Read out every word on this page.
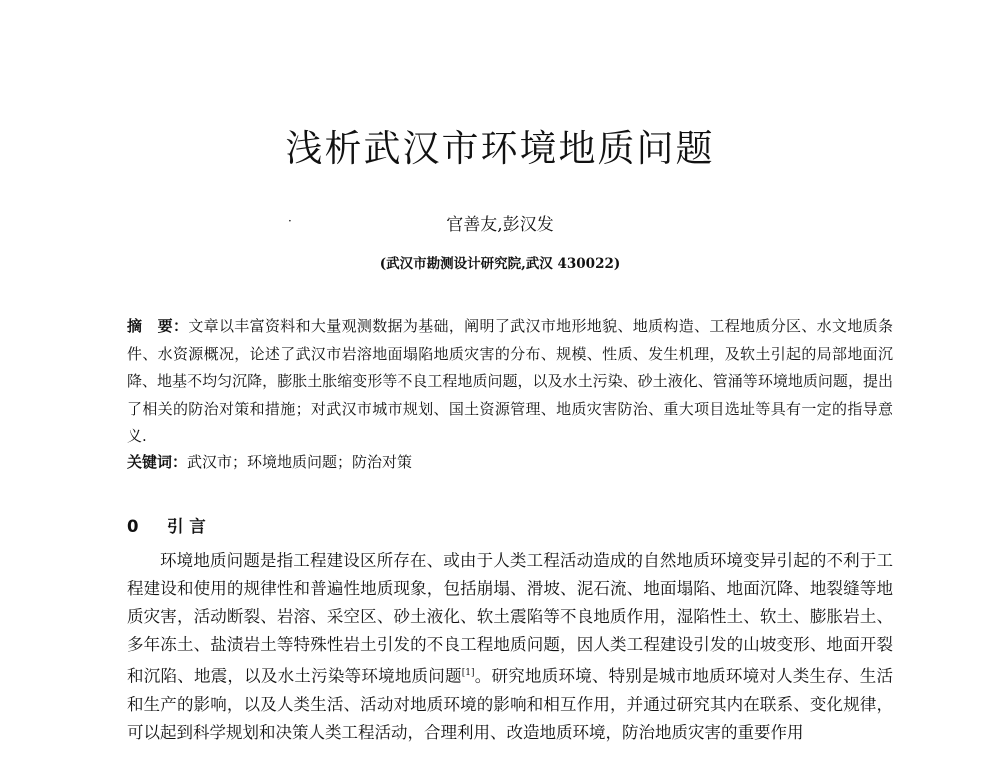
浅析武汉市环境地质问题
·	官善友,彭汉发
(武汉市勘测设计研究院,武汉 430022)
摘　要：文章以丰富资料和大量观测数据为基础，阐明了武汉市地形地貌、地质构造、工程地质分区、水文地质条件、水资源概况，论述了武汉市岩溶地面塌陷地质灾害的分布、规模、性质、发生机理，及软土引起的局部地面沉降、地基不均匀沉降，膨胀土胀缩变形等不良工程地质问题，以及水土污染、砂土液化、管涌等环境地质问题，提出了相关的防治对策和措施；对武汉市城市规划、国土资源管理、地质灾害防治、重大项目选址等具有一定的指导意义.
关键词：武汉市；环境地质问题；防治对策
0 引 言
环境地质问题是指工程建设区所存在、或由于人类工程活动造成的自然地质环境变异引起的不利于工程建设和使用的规律性和普遍性地质现象，包括崩塌、滑坡、泥石流、地面塌陷、地面沉降、地裂缝等地质灾害，活动断裂、岩溶、采空区、砂土液化、软土震陷等不良地质作用，湿陷性土、软土、膨胀岩土、多年冻土、盐渍岩土等特殊性岩土引发的不良工程地质问题，因人类工程建设引发的山坡变形、地面开裂和沉陷、地震，以及水土污染等环境地质问题[1]。研究地质环境、特别是城市地质环境对人类生存、生活和生产的影响，以及人类生活、活动对地质环境的影响和相互作用，并通过研究其内在联系、变化规律，可以起到科学规划和决策人类工程活动，合理利用、改造地质环境，防治地质灾害的重要作用
